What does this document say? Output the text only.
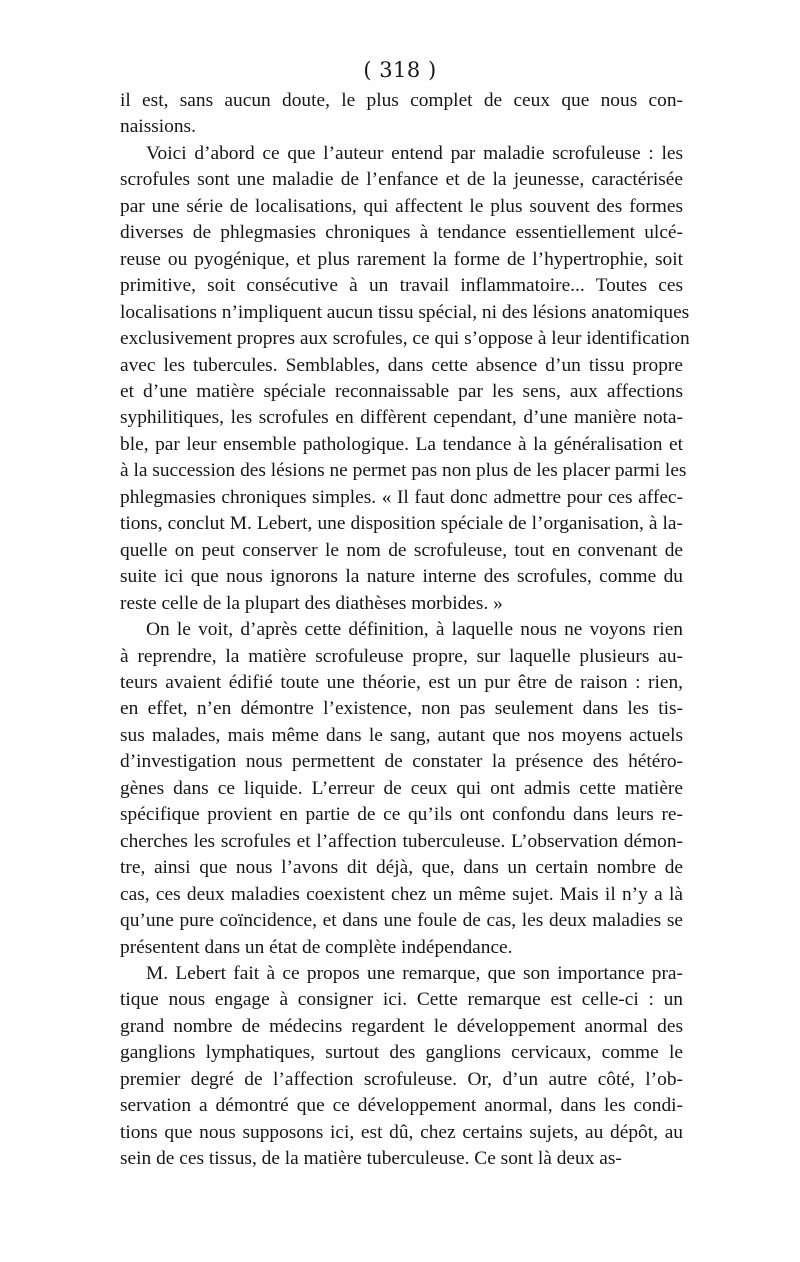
( 318 )
il est, sans aucun doute, le plus complet de ceux que nous con-
naissions.
Voici d’abord ce que l’auteur entend par maladie scrofuleuse : les
scrofules sont une maladie de l’enfance et de la jeunesse, caractérisée
par une série de localisations, qui affectent le plus souvent des formes
diverses de phlegmasies chroniques à tendance essentiellement ulcé-
reuse ou pyogénique, et plus rarement la forme de l’hypertrophie, soit
primitive, soit consécutive à un travail inflammatoire... Toutes ces
localisations n’impliquent aucun tissu spécial, ni des lésions anatomiques
exclusivement propres aux scrofules, ce qui s’oppose à leur identification
avec les tubercules. Semblables, dans cette absence d’un tissu propre
et d’une matière spéciale reconnaissable par les sens, aux affections
syphilitiques, les scrofules en diffèrent cependant, d’une manière nota-
ble, par leur ensemble pathologique. La tendance à la généralisation et
à la succession des lésions ne permet pas non plus de les placer parmi les
phlegmasies chroniques simples. « Il faut donc admettre pour ces affec-
tions, conclut M. Lebert, une disposition spéciale de l’organisation, à la-
quelle on peut conserver le nom de scrofuleuse, tout en convenant de
suite ici que nous ignorons la nature interne des scrofules, comme du
reste celle de la plupart des diathèses morbides. »
On le voit, d’après cette définition, à laquelle nous ne voyons rien
à reprendre, la matière scrofuleuse propre, sur laquelle plusieurs au-
teurs avaient édifié toute une théorie, est un pur être de raison : rien,
en effet, n’en démontre l’existence, non pas seulement dans les tis-
sus malades, mais même dans le sang, autant que nos moyens actuels
d’investigation nous permettent de constater la présence des hétéro-
gènes dans ce liquide. L’erreur de ceux qui ont admis cette matière
spécifique provient en partie de ce qu’ils ont confondu dans leurs re-
cherches les scrofules et l’affection tuberculeuse. L’observation démon-
tre, ainsi que nous l’avons dit déjà, que, dans un certain nombre de
cas, ces deux maladies coexistent chez un même sujet. Mais il n’y a là
qu’une pure coïncidence, et dans une foule de cas, les deux maladies se
présentent dans un état de complète indépendance.
M. Lebert fait à ce propos une remarque, que son importance pra-
tique nous engage à consigner ici. Cette remarque est celle-ci : un
grand nombre de médecins regardent le développement anormal des
ganglions lymphatiques, surtout des ganglions cervicaux, comme le
premier degré de l’affection scrofuleuse. Or, d’un autre côté, l’ob-
servation a démontré que ce développement anormal, dans les condi-
tions que nous supposons ici, est dû, chez certains sujets, au dépôt, au
sein de ces tissus, de la matière tuberculeuse. Ce sont là deux as-
